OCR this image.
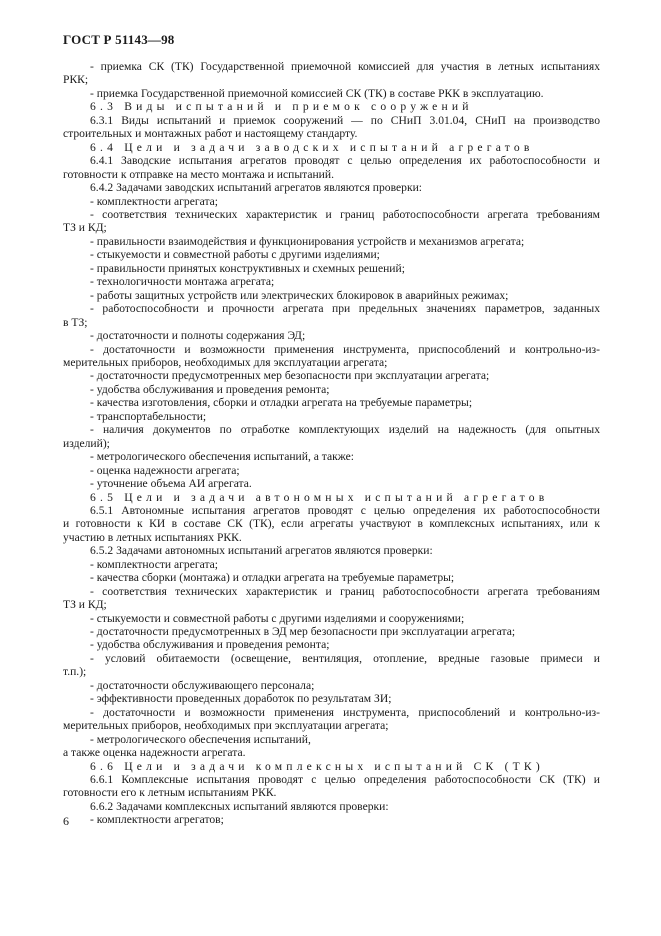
ГОСТ Р 51143—98
- приемка СК (ТК) Государственной приемочной комиссией для участия в летных испытаниях
РКК;
- приемка Государственной приемочной комиссией СК (ТК) в составе РКК в эксплуатацию.
6.3 Виды испытаний и приемок сооружений
6.3.1 Виды испытаний и приемок сооружений — по СНиП 3.01.04, СНиП на производство
строительных и монтажных работ и настоящему стандарту.
6.4 Цели и задачи заводских испытаний агрегатов
6.4.1 Заводские испытания агрегатов проводят с целью определения их работоспособности и
готовности к отправке на место монтажа и испытаний.
6.4.2 Задачами заводских испытаний агрегатов являются проверки:
- комплектности агрегата;
- соответствия технических характеристик и границ работоспособности агрегата требованиям
ТЗ и КД;
- правильности взаимодействия и функционирования устройств и механизмов агрегата;
- стыкуемости и совместной работы с другими изделиями;
- правильности принятых конструктивных и схемных решений;
- технологичности монтажа агрегата;
- работы защитных устройств или электрических блокировок в аварийных режимах;
- работоспособности и прочности агрегата при предельных значениях параметров, заданных
в ТЗ;
- достаточности и полноты содержания ЭД;
- достаточности и возможности применения инструмента, приспособлений и контрольно-из-
мерительных приборов, необходимых для эксплуатации агрегата;
- достаточности предусмотренных мер безопасности при эксплуатации агрегата;
- удобства обслуживания и проведения ремонта;
- качества изготовления, сборки и отладки агрегата на требуемые параметры;
- транспортабельности;
- наличия документов по отработке комплектующих изделий на надежность (для опытных
изделий);
- метрологического обеспечения испытаний, а также:
- оценка надежности агрегата;
- уточнение объема АИ агрегата.
6.5 Цели и задачи автономных испытаний агрегатов
6.5.1 Автономные испытания агрегатов проводят с целью определения их работоспособности
и готовности к КИ в составе СК (ТК), если агрегаты участвуют в комплексных испытаниях, или к
участию в летных испытаниях РКК.
6.5.2 Задачами автономных испытаний агрегатов являются проверки:
- комплектности агрегата;
- качества сборки (монтажа) и отладки агрегата на требуемые параметры;
- соответствия технических характеристик и границ работоспособности агрегата требованиям
ТЗ и КД;
- стыкуемости и совместной работы с другими изделиями и сооружениями;
- достаточности предусмотренных в ЭД мер безопасности при эксплуатации агрегата;
- удобства обслуживания и проведения ремонта;
- условий обитаемости (освещение, вентиляция, отопление, вредные газовые примеси и
т.п.);
- достаточности обслуживающего персонала;
- эффективности проведенных доработок по результатам ЗИ;
- достаточности и возможности применения инструмента, приспособлений и контрольно-из-
мерительных приборов, необходимых при эксплуатации агрегата;
- метрологического обеспечения испытаний,
а также оценка надежности агрегата.
6.6 Цели и задачи комплексных испытаний СК (ТК)
6.6.1 Комплексные испытания проводят с целью определения работоспособности СК (ТК) и
готовности его к летным испытаниям РКК.
6.6.2 Задачами комплексных испытаний являются проверки:
- комплектности агрегатов;
6
